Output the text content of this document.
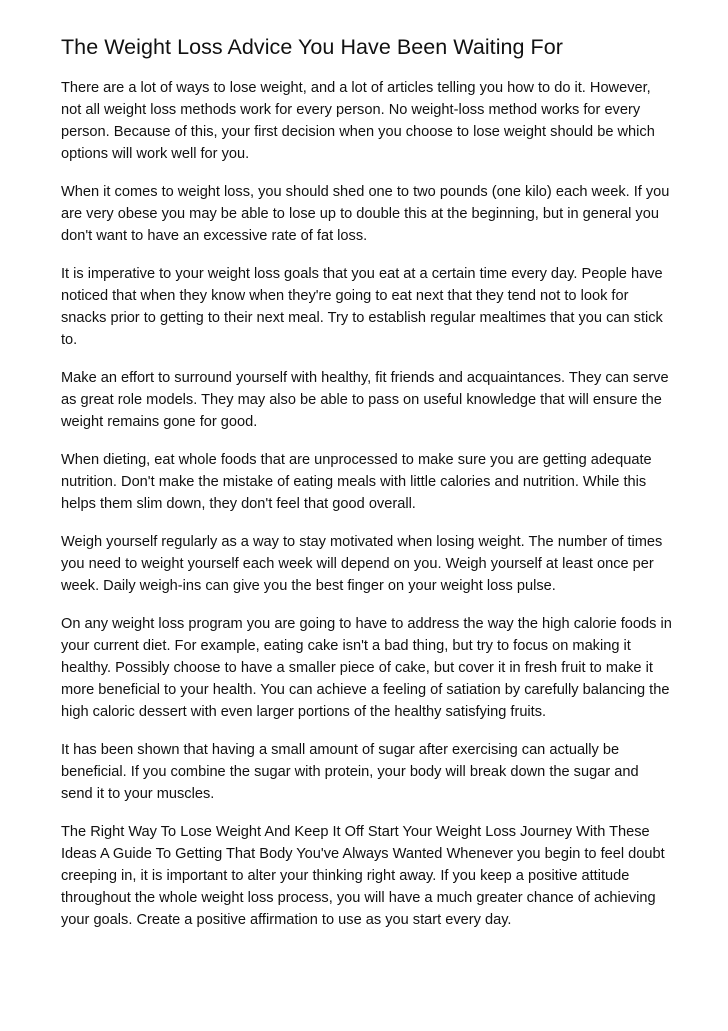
The Weight Loss Advice You Have Been Waiting For

There are a lot of ways to lose weight, and a lot of articles telling you how to do it. However, not all weight loss methods work for every person. No weight-loss method works for every person. Because of this, your first decision when you choose to lose weight should be which options will work well for you.

When it comes to weight loss, you should shed one to two pounds (one kilo) each week. If you are very obese you may be able to lose up to double this at the beginning, but in general you don't want to have an excessive rate of fat loss.

It is imperative to your weight loss goals that you eat at a certain time every day. People have noticed that when they know when they're going to eat next that they tend not to look for snacks prior to getting to their next meal. Try to establish regular mealtimes that you can stick to.

Make an effort to surround yourself with healthy, fit friends and acquaintances. They can serve as great role models. They may also be able to pass on useful knowledge that will ensure the weight remains gone for good.

When dieting, eat whole foods that are unprocessed to make sure you are getting adequate nutrition. Don't make the mistake of eating meals with little calories and nutrition. While this helps them slim down, they don't feel that good overall.

Weigh yourself regularly as a way to stay motivated when losing weight. The number of times you need to weight yourself each week will depend on you. Weigh yourself at least once per week. Daily weigh-ins can give you the best finger on your weight loss pulse.

On any weight loss program you are going to have to address the way the high calorie foods in your current diet. For example, eating cake isn't a bad thing, but try to focus on making it healthy. Possibly choose to have a smaller piece of cake, but cover it in fresh fruit to make it more beneficial to your health. You can achieve a feeling of satiation by carefully balancing the high caloric dessert with even larger portions of the healthy satisfying fruits.

It has been shown that having a small amount of sugar after exercising can actually be beneficial. If you combine the sugar with protein, your body will break down the sugar and send it to your muscles.

The Right Way To Lose Weight And Keep It Off Start Your Weight Loss Journey With These Ideas A Guide To Getting That Body You've Always Wanted Whenever you begin to feel doubt creeping in, it is important to alter your thinking right away. If you keep a positive attitude throughout the whole weight loss process, you will have a much greater chance of achieving your goals. Create a positive affirmation to use as you start every day.
